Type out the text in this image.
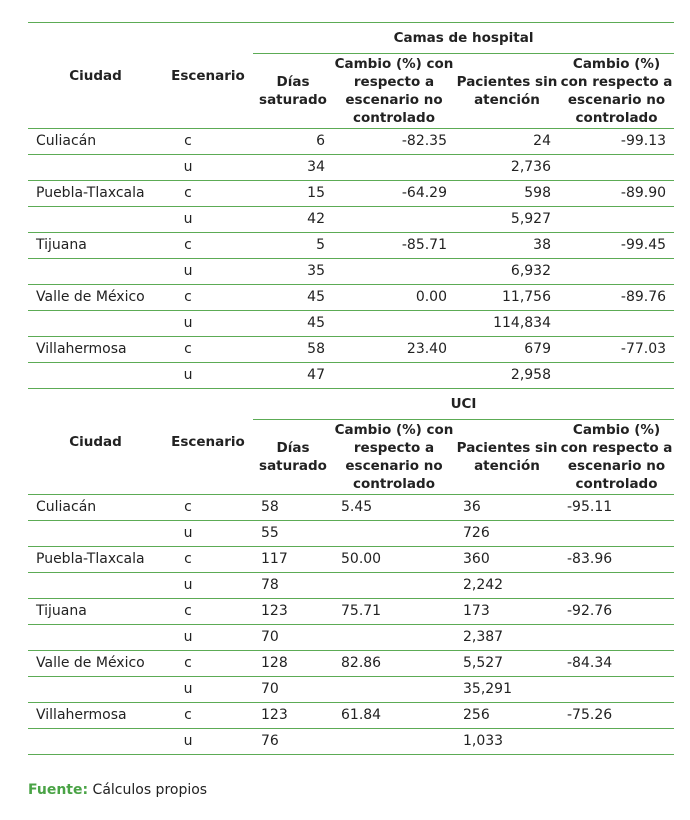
Ciudad	Escenario	Camas de hospital			
		Días saturado	Cambio (%) con respecto a escenario no controlado	Pacientes sin atención	Cambio (%) con respecto a escenario no controlado
Culiacán	c	6	-82.35	24	-99.13
	u	34		2,736	
Puebla-Tlaxcala	c	15	-64.29	598	-89.90
	u	42		5,927	
Tijuana	c	5	-85.71	38	-99.45
	u	35		6,932	
Valle de México	c	45	0.00	11,756	-89.76
	u	45		114,834	
Villahermosa	c	58	23.40	679	-77.03
	u	47		2,958	
Ciudad	Escenario	UCI			
		Días saturado	Cambio (%) con respecto a escenario no controlado	Pacientes sin atención	Cambio (%) con respecto a escenario no controlado
Culiacán	c	58	5.45	36	-95.11
	u	55		726	
Puebla-Tlaxcala	c	117	50.00	360	-83.96
	u	78		2,242	
Tijuana	c	123	75.71	173	-92.76
	u	70		2,387	
Valle de México	c	128	82.86	5,527	-84.34
	u	70		35,291	
Villahermosa	c	123	61.84	256	-75.26
	u	76		1,033	
Fuente: Cálculos propios
